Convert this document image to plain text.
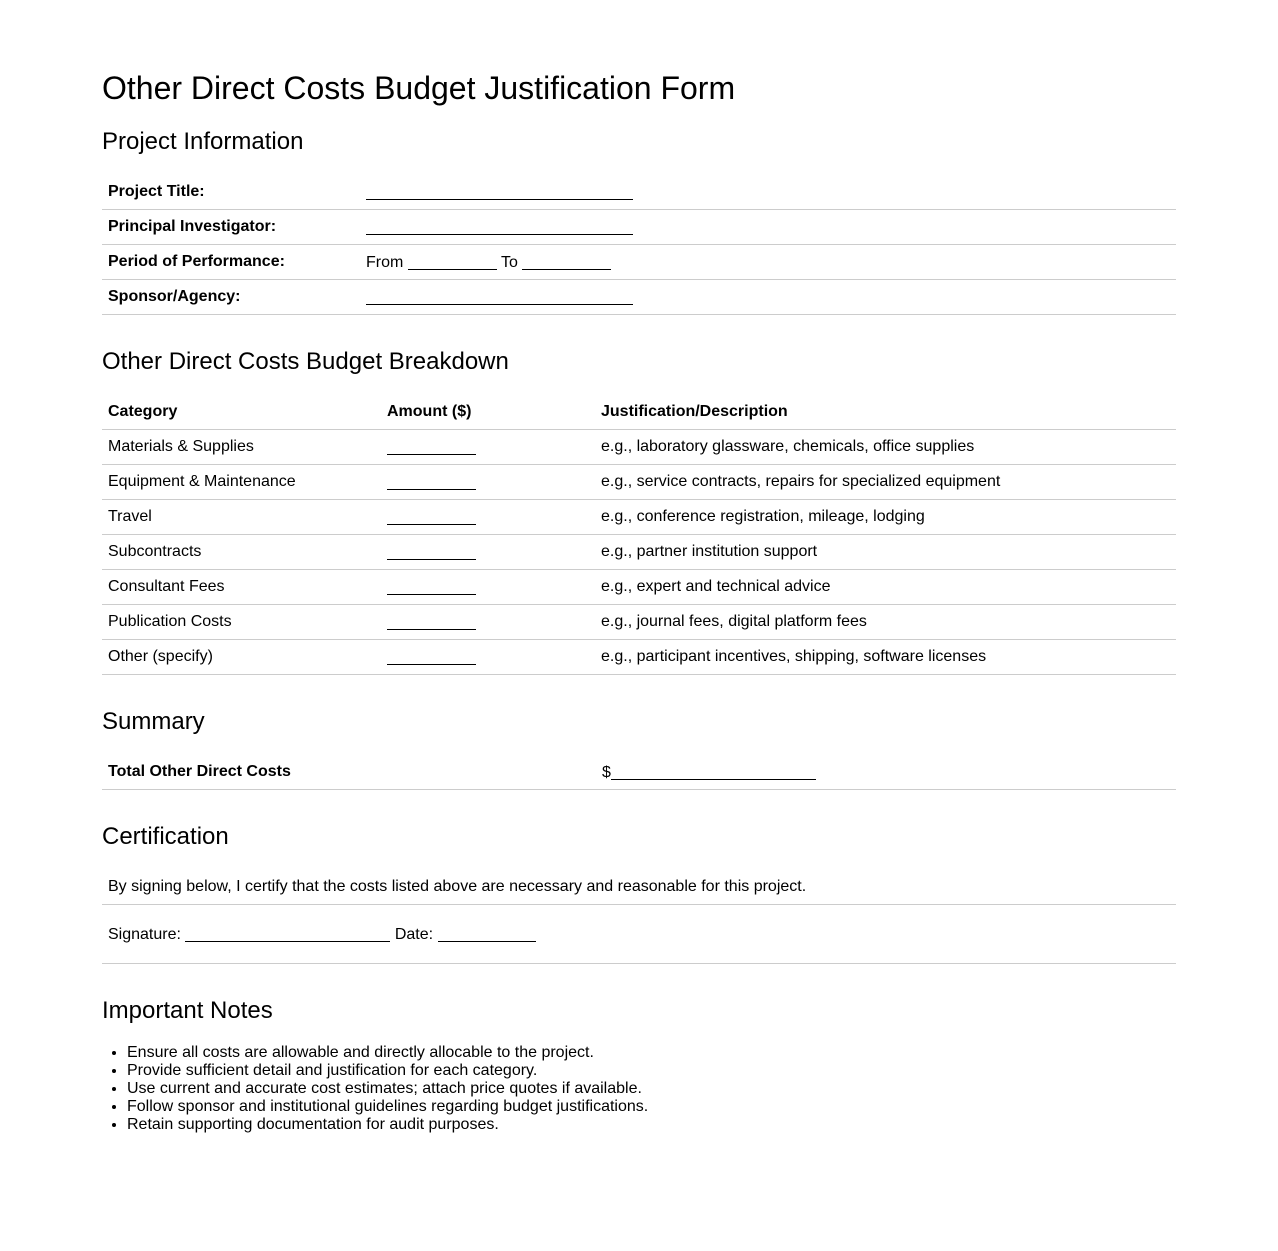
Other Direct Costs Budget Justification Form
Project Information
Project Title:	
Principal Investigator:	
Period of Performance:	From To
Sponsor/Agency:	
Other Direct Costs Budget Breakdown
Category	Amount ($)	Justification/Description
Materials & Supplies		e.g., laboratory glassware, chemicals, office supplies
Equipment & Maintenance		e.g., service contracts, repairs for specialized equipment
Travel		e.g., conference registration, mileage, lodging
Subcontracts		e.g., partner institution support
Consultant Fees		e.g., expert and technical advice
Publication Costs		e.g., journal fees, digital platform fees
Other (specify)		e.g., participant incentives, shipping, software licenses
Summary
Total Other Direct Costs	$
Certification
By signing below, I certify that the costs listed above are necessary and reasonable for this project.
Signature:	Date:
Important Notes
• Ensure all costs are allowable and directly allocable to the project.
• Provide sufficient detail and justification for each category.
• Use current and accurate cost estimates; attach price quotes if available.
• Follow sponsor and institutional guidelines regarding budget justifications.
• Retain supporting documentation for audit purposes.
